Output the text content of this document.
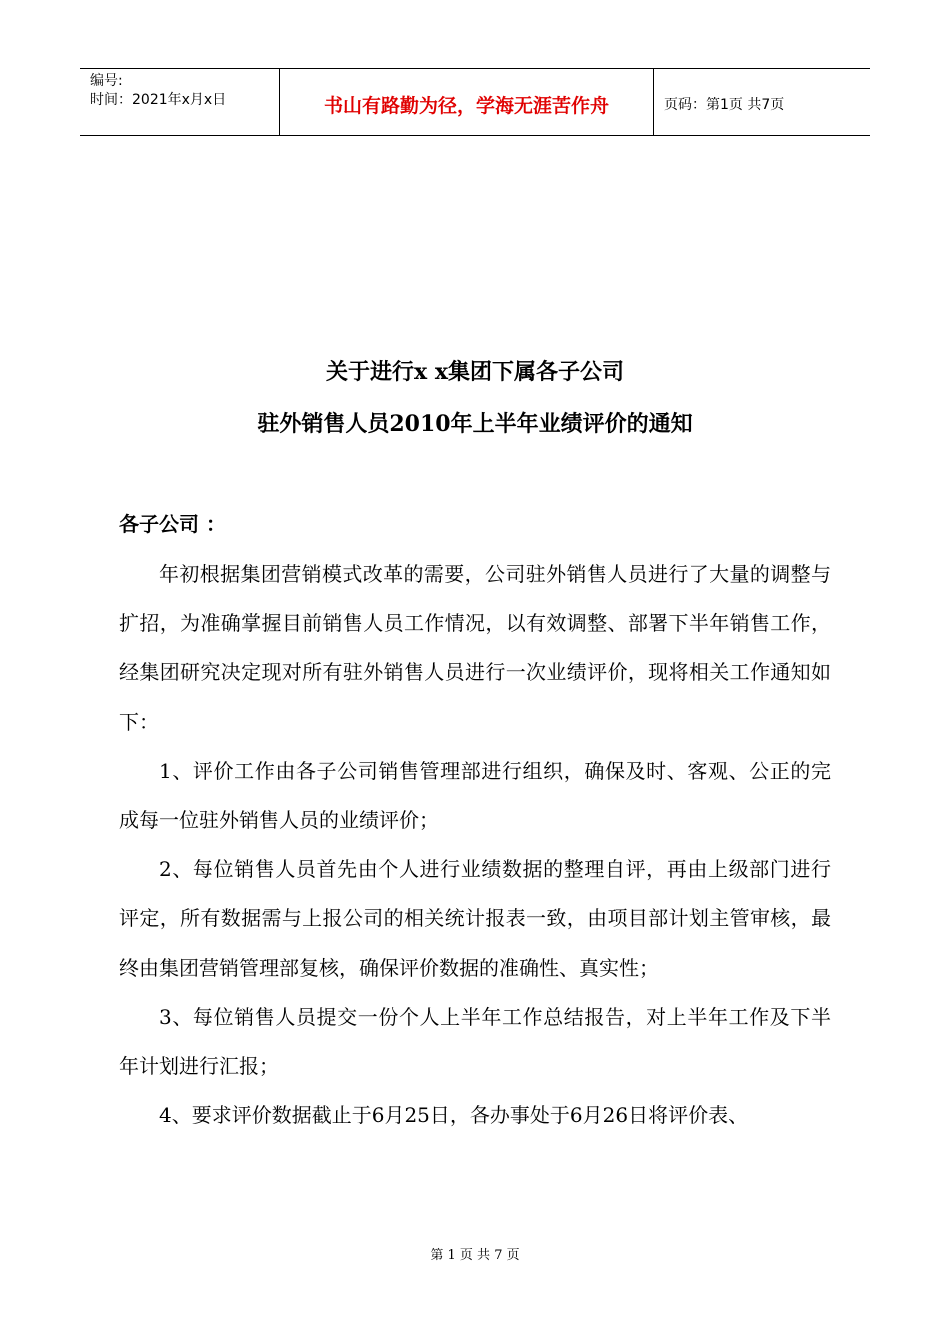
编号:
时间：2021年x月x日	书山有路勤为径，学海无涯苦作舟	页码：第1页 共7页
关于进行x x集团下属各子公司
驻外销售人员2010年上半年业绩评价的通知
各子公司 ：

年初根据集团营销模式改革的需要，公司驻外销售人员进行了大量的调整与扩招，为准确掌握目前销售人员工作情况，以有效调整、部署下半年销售工作，经集团研究决定现对所有驻外销售人员进行一次业绩评价，现将相关工作通知如下：

1、评价工作由各子公司销售管理部进行组织，确保及时、客观、公正的完成每一位驻外销售人员的业绩评价；

2、每位销售人员首先由个人进行业绩数据的整理自评，再由上级部门进行评定，所有数据需与上报公司的相关统计报表一致，由项目部计划主管审核，最终由集团营销管理部复核，确保评价数据的准确性、真实性；

3、每位销售人员提交一份个人上半年工作总结报告，对上半年工作及下半年计划进行汇报；

4、要求评价数据截止于6月25日，各办事处于6月26日将评价表、

第 1 页 共 7 页
